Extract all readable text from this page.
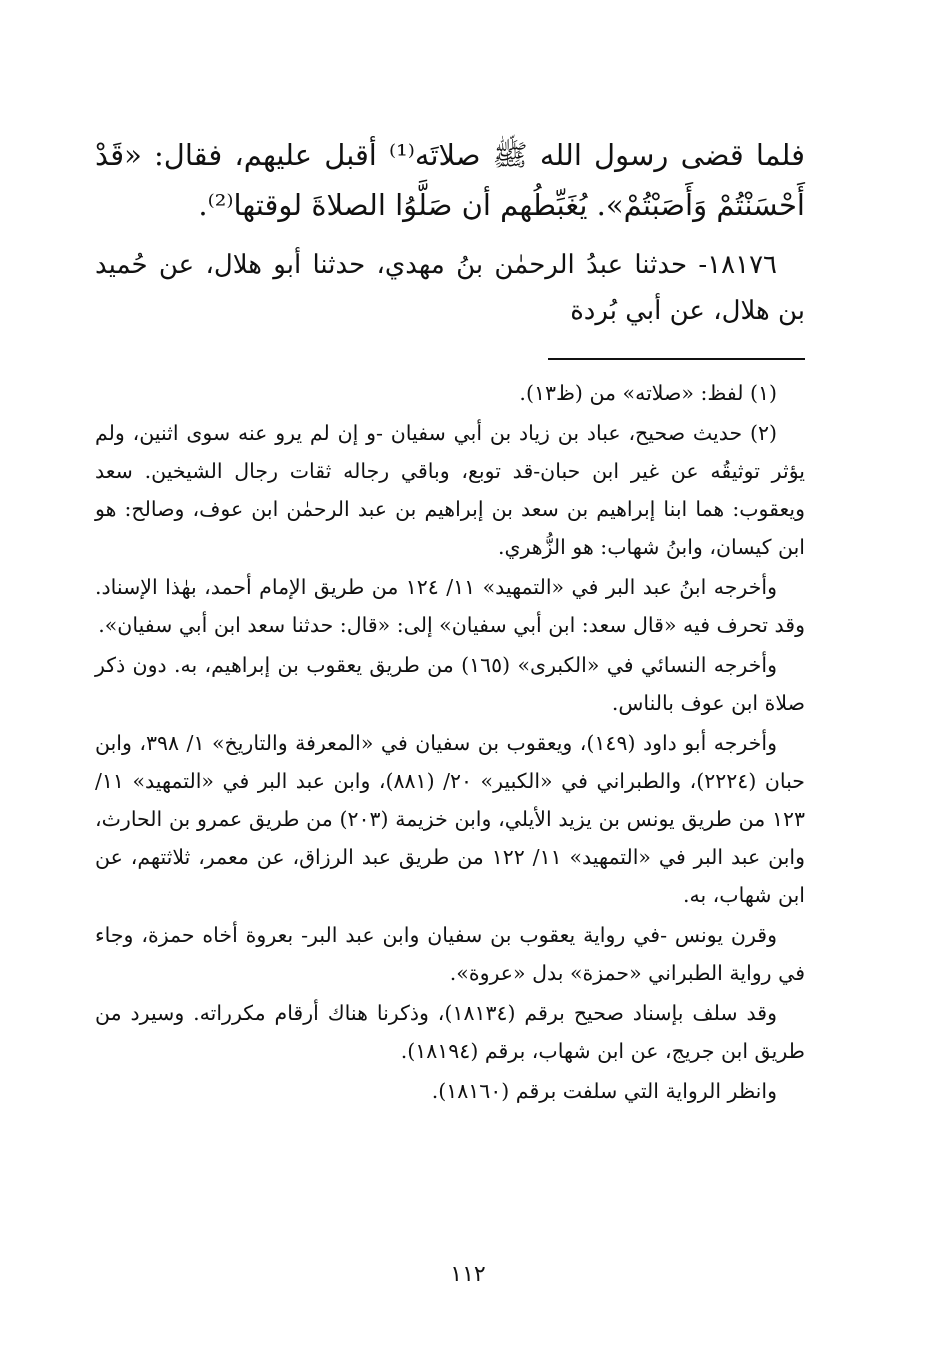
فلما قضى رسول الله ﷺ صلاتَه⁽¹⁾ أقبل عليهم، فقال: «قَدْ أَحْسَنْتُمْ وَأَصَبْتُمْ». يُغَبِّطُهم أن صَلَّوُا الصلاةَ لوقتها⁽²⁾.

١٨١٧٦- حدثنا عبدُ الرحمٰن بنُ مهدي، حدثنا أبو هلال، عن حُميد بن هلال، عن أبي بُردة

(١) لفظ: «صلاته» من (ظ١٣).

(٢) حديث صحيح، عباد بن زياد بن أبي سفيان -و إن لم يرو عنه سوى اثنين، ولم يؤثر توثيقُه عن غير ابن حبان-قد توبع، وباقي رجاله ثقات رجال الشيخين. سعد ويعقوب: هما ابنا إبراهيم بن سعد بن إبراهيم بن عبد الرحمٰن ابن عوف، وصالح: هو ابن كيسان، وابنُ شهاب: هو الزُّهري.

وأخرجه ابنُ عبد البر في «التمهيد» ١١/ ١٢٤ من طريق الإمام أحمد، بهٰذا الإسناد. وقد تحرف فيه «قال سعد: ابن أبي سفيان» إلى: «قال: حدثنا سعد ابن أبي سفيان».

وأخرجه النسائي في «الكبرى» (١٦٥) من طريق يعقوب بن إبراهيم، به. دون ذكر صلاة ابن عوف بالناس.

وأخرجه أبو داود (١٤٩)، ويعقوب بن سفيان في «المعرفة والتاريخ» ١/ ٣٩٨، وابن حبان (٢٢٢٤)، والطبراني في «الكبير» ٢٠/ (٨٨١)، وابن عبد البر في «التمهيد» ١١/ ١٢٣ من طريق يونس بن يزيد الأيلي، وابن خزيمة (٢٠٣) من طريق عمرو بن الحارث، وابن عبد البر في «التمهيد» ١١/ ١٢٢ من طريق عبد الرزاق، عن معمر، ثلاثتهم، عن ابن شهاب، به.

وقرن يونس -في رواية يعقوب بن سفيان وابن عبد البر- بعروة أخاه حمزة، وجاء في رواية الطبراني «حمزة» بدل «عروة».

وقد سلف بإسناد صحيح برقم (١٨١٣٤)، وذكرنا هناك أرقام مكرراته. وسيرد من طريق ابن جريج، عن ابن شهاب، برقم (١٨١٩٤).

وانظر الرواية التي سلفت برقم (١٨١٦٠).

١١٢
